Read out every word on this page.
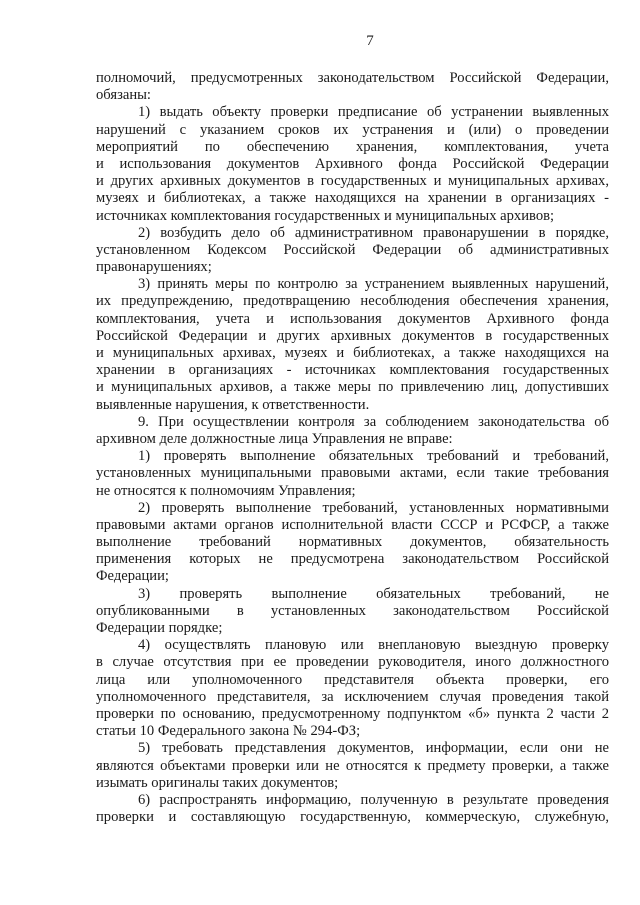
7
полномочий, предусмотренных законодательством Российской Федерации,
обязаны:
1) выдать объекту проверки предписание об устранении выявленных
нарушений с указанием сроков их устранения и (или) о проведении
мероприятий по обеспечению хранения, комплектования, учета
и использования документов Архивного фонда Российской Федерации
и других архивных документов в государственных и муниципальных архивах,
музеях и библиотеках, а также находящихся на хранении в организациях -
источниках комплектования государственных и муниципальных архивов;
2) возбудить дело об административном правонарушении в порядке,
установленном Кодексом Российской Федерации об административных
правонарушениях;
3) принять меры по контролю за устранением выявленных нарушений,
их предупреждению, предотвращению несоблюдения обеспечения хранения,
комплектования, учета и использования документов Архивного фонда
Российской Федерации и других архивных документов в государственных
и муниципальных архивах, музеях и библиотеках, а также находящихся на
хранении в организациях - источниках комплектования государственных
и муниципальных архивов, а также меры по привлечению лиц, допустивших
выявленные нарушения, к ответственности.
9. При осуществлении контроля за соблюдением законодательства об
архивном деле должностные лица Управления не вправе:
1) проверять выполнение обязательных требований и требований,
установленных муниципальными правовыми актами, если такие требования
не относятся к полномочиям Управления;
2) проверять выполнение требований, установленных нормативными
правовыми актами органов исполнительной власти СССР и РСФСР, а также
выполнение требований нормативных документов, обязательность
применения которых не предусмотрена законодательством Российской
Федерации;
3) проверять выполнение обязательных требований, не
опубликованными в установленных законодательством Российской
Федерации порядке;
4) осуществлять плановую или внеплановую выездную проверку
в случае отсутствия при ее проведении руководителя, иного должностного
лица или уполномоченного представителя объекта проверки, его
уполномоченного представителя, за исключением случая проведения такой
проверки по основанию, предусмотренному подпунктом «б» пункта 2 части 2
статьи 10 Федерального закона № 294-ФЗ;
5) требовать представления документов, информации, если они не
являются объектами проверки или не относятся к предмету проверки, а также
изымать оригиналы таких документов;
6) распространять информацию, полученную в результате проведения
проверки и составляющую государственную, коммерческую, служебную,
